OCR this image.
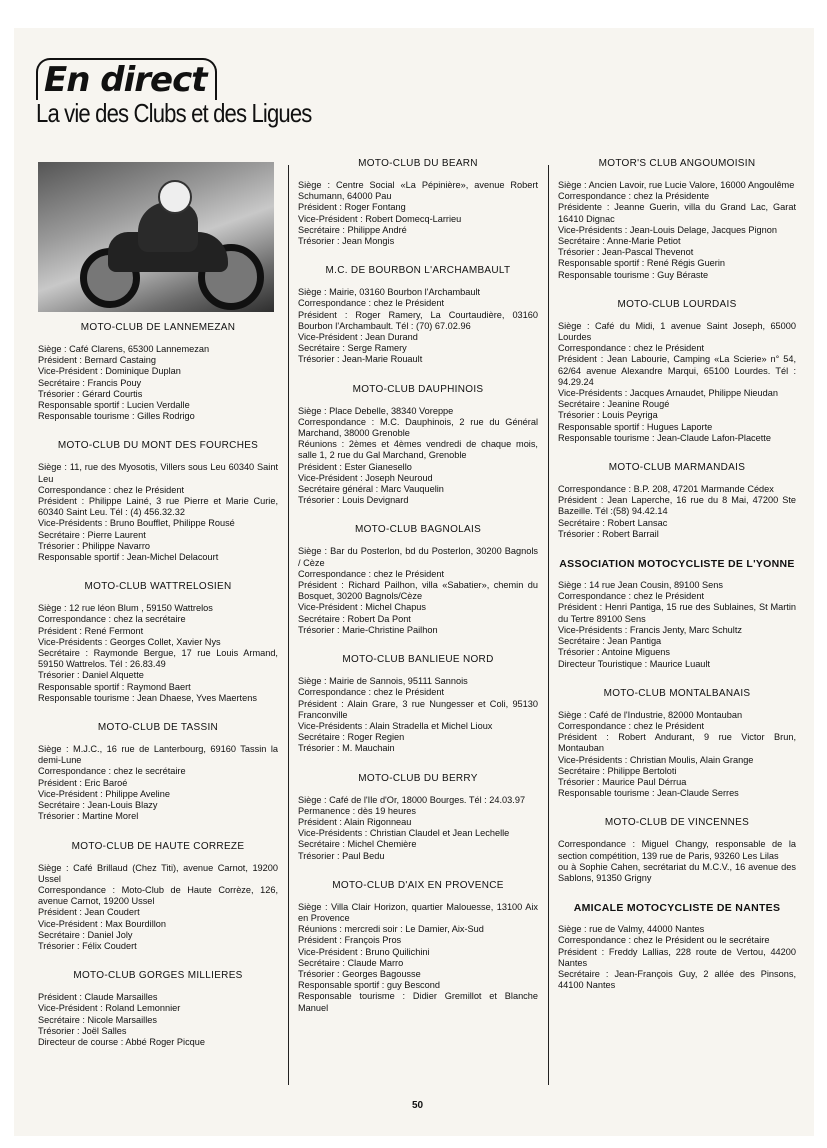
En direct
La vie des Clubs et des Ligues
MOTO-CLUB DE LANNEMEZAN

Siège : Café Clarens, 65300 Lannemezan

Président : Bernard Castaing

Vice-Président : Dominique Duplan

Secrétaire : Francis Pouy

Trésorier : Gérard Courtis

Responsable sportif : Lucien Verdalle

Responsable tourisme : Gilles Rodrigo

MOTO-CLUB DU MONT DES FOURCHES

Siège : 11, rue des Myosotis, Villers sous Leu 60340 Saint Leu

Correspondance : chez le Président

Président : Philippe Lainé, 3 rue Pierre et Marie Curie, 60340 Saint Leu. Tél : (4) 456.32.32

Vice-Présidents : Bruno Boufflet, Philippe Rousé

Secrétaire : Pierre Laurent

Trésorier : Philippe Navarro

Responsable sportif : Jean-Michel Delacourt

MOTO-CLUB WATTRELOSIEN

Siège : 12 rue léon Blum , 59150 Wattrelos

Correspondance : chez la secrétaire

Président : René Fermont

Vice-Présidents : Georges Collet, Xavier Nys

Secrétaire : Raymonde Bergue, 17 rue Louis Armand, 59150 Wattrelos. Tél : 26.83.49

Trésorier : Daniel Alquette

Responsable sportif : Raymond Baert

Responsable tourisme : Jean Dhaese, Yves Maertens

MOTO-CLUB DE TASSIN

Siège : M.J.C., 16 rue de Lanterbourg, 69160 Tassin la demi-Lune

Correspondance : chez le secrétaire

Président : Eric Baroé

Vice-Président : Philippe Aveline

Secrétaire : Jean-Louis Blazy

Trésorier : Martine Morel

MOTO-CLUB DE HAUTE CORREZE

Siège : Café Brillaud (Chez Titi), avenue Carnot, 19200 Ussel

Correspondance : Moto-Club de Haute Corrèze, 126, avenue Carnot, 19200 Ussel

Président : Jean Coudert

Vice-Président : Max Bourdillon

Secrétaire : Daniel Joly

Trésorier : Félix Coudert

MOTO-CLUB GORGES MILLIERES

Président : Claude Marsailles

Vice-Président : Roland Lemonnier

Secrétaire : Nicole Marsailles

Trésorier : Joël Salles

Directeur de course : Abbé Roger Picque

MOTO-CLUB DU BEARN

Siège : Centre Social «La Pépinière», avenue Robert Schumann, 64000 Pau

Président : Roger Fontang

Vice-Président : Robert Domecq-Larrieu

Secrétaire : Philippe André

Trésorier : Jean Mongis

M.C. DE BOURBON L'ARCHAMBAULT

Siège : Mairie, 03160 Bourbon l'Archambault

Correspondance : chez le Président

Président : Roger Ramery, La Courtaudière, 03160 Bourbon l'Archambault. Tél : (70) 67.02.96

Vice-Président : Jean Durand

Secrétaire : Serge Ramery

Trésorier : Jean-Marie Rouault

MOTO-CLUB DAUPHINOIS

Siège : Place Debelle, 38340 Voreppe

Correspondance : M.C. Dauphinois, 2 rue du Général Marchand, 38000 Grenoble

Réunions : 2èmes et 4èmes vendredi de chaque mois, salle 1, 2 rue du Gal Marchand, Grenoble

Président : Ester Gianesello

Vice-Président : Joseph Neuroud

Secrétaire général : Marc Vauquelin

Trésorier : Louis Devignard

MOTO-CLUB BAGNOLAIS

Siège : Bar du Posterlon, bd du Posterlon, 30200 Bagnols / Cèze

Correspondance : chez le Président

Président : Richard Pailhon, villa «Sabatier», chemin du Bosquet, 30200 Bagnols/Cèze

Vice-Président : Michel Chapus

Secrétaire : Robert Da Pont

Trésorier : Marie-Christine Pailhon

MOTO-CLUB BANLIEUE NORD

Siège : Mairie de Sannois, 95111 Sannois

Correspondance : chez le Président

Président : Alain Grare, 3 rue Nungesser et Coli, 95130 Franconville

Vice-Présidents : Alain Stradella et Michel Lioux

Secrétaire : Roger Regien

Trésorier : M. Mauchain

MOTO-CLUB DU BERRY

Siège : Café de l'Ile d'Or, 18000 Bourges. Tél : 24.03.97

Permanence : dès 19 heures

Président : Alain Rigonneau

Vice-Présidents : Christian Claudel et Jean Lechelle

Secrétaire : Michel Chemière

Trésorier : Paul Bedu

MOTO-CLUB D'AIX EN PROVENCE

Siège : Villa Clair Horizon, quartier Malouesse, 13100 Aix en Provence

Réunions : mercredi soir : Le Damier, Aix-Sud

Président : François Pros

Vice-Président : Bruno Quilichini

Secrétaire : Claude Marro

Trésorier : Georges Bagousse

Responsable sportif : guy Bescond

Responsable tourisme : Didier Gremillot et Blanche Manuel

MOTOR'S CLUB ANGOUMOISIN

Siège : Ancien Lavoir, rue Lucie Valore, 16000 Angoulême

Correspondance : chez la Présidente

Présidente : Jeanne Guerin, villa du Grand Lac, Garat 16410 Dignac

Vice-Présidents : Jean-Louis Delage, Jacques Pignon

Secrétaire : Anne-Marie Petiot

Trésorier : Jean-Pascal Thevenot

Responsable sportif : René Régis Guerin

Responsable tourisme : Guy Béraste

MOTO-CLUB LOURDAIS

Siège : Café du Midi, 1 avenue Saint Joseph, 65000 Lourdes

Correspondance : chez le Président

Président : Jean Labourie, Camping «La Scierie» n° 54, 62/64 avenue Alexandre Marqui, 65100 Lourdes. Tél : 94.29.24

Vice-Présidents : Jacques Arnaudet, Philippe Nieudan

Secrétaire : Jeanine Rougé

Trésorier : Louis Peyriga

Responsable sportif : Hugues Laporte

Responsable tourisme : Jean-Claude Lafon-Placette

MOTO-CLUB MARMANDAIS

Correspondance : B.P. 208, 47201 Marmande Cédex

Président : Jean Laperche, 16 rue du 8 Mai, 47200 Ste Bazeille. Tél :(58) 94.42.14

Secrétaire : Robert Lansac

Trésorier : Robert Barrail

ASSOCIATION MOTOCYCLISTE DE L'YONNE

Siège : 14 rue Jean Cousin, 89100 Sens

Correspondance : chez le Président

Président : Henri Pantiga, 15 rue des Sublaines, St Martin du Tertre 89100 Sens

Vice-Présidents : Francis Jenty, Marc Schultz

Secrétaire : Jean Pantiga

Trésorier : Antoine Miguens

Directeur Touristique : Maurice Luault

MOTO-CLUB MONTALBANAIS

Siège : Café de l'Industrie, 82000 Montauban

Correspondance : chez le Président

Président : Robert Andurant, 9 rue Victor Brun, Montauban

Vice-Présidents : Christian Moulis, Alain Grange

Secrétaire : Philippe Bertoloti

Trésorier : Maurice Paul Dérrua

Responsable tourisme : Jean-Claude Serres

MOTO-CLUB DE VINCENNES

Correspondance : Miguel Changy, responsable de la section compétition, 139 rue de Paris, 93260 Les Lilas

ou à Sophie Cahen, secrétariat du M.C.V., 16 avenue des Sablons, 91350 Grigny

AMICALE MOTOCYCLISTE DE NANTES

Siège : rue de Valmy, 44000 Nantes

Correspondance : chez le Président ou le secrétaire

Président : Freddy Lallias, 228 route de Vertou, 44200 Nantes

Secrétaire : Jean-François Guy, 2 allée des Pinsons, 44100 Nantes

50
